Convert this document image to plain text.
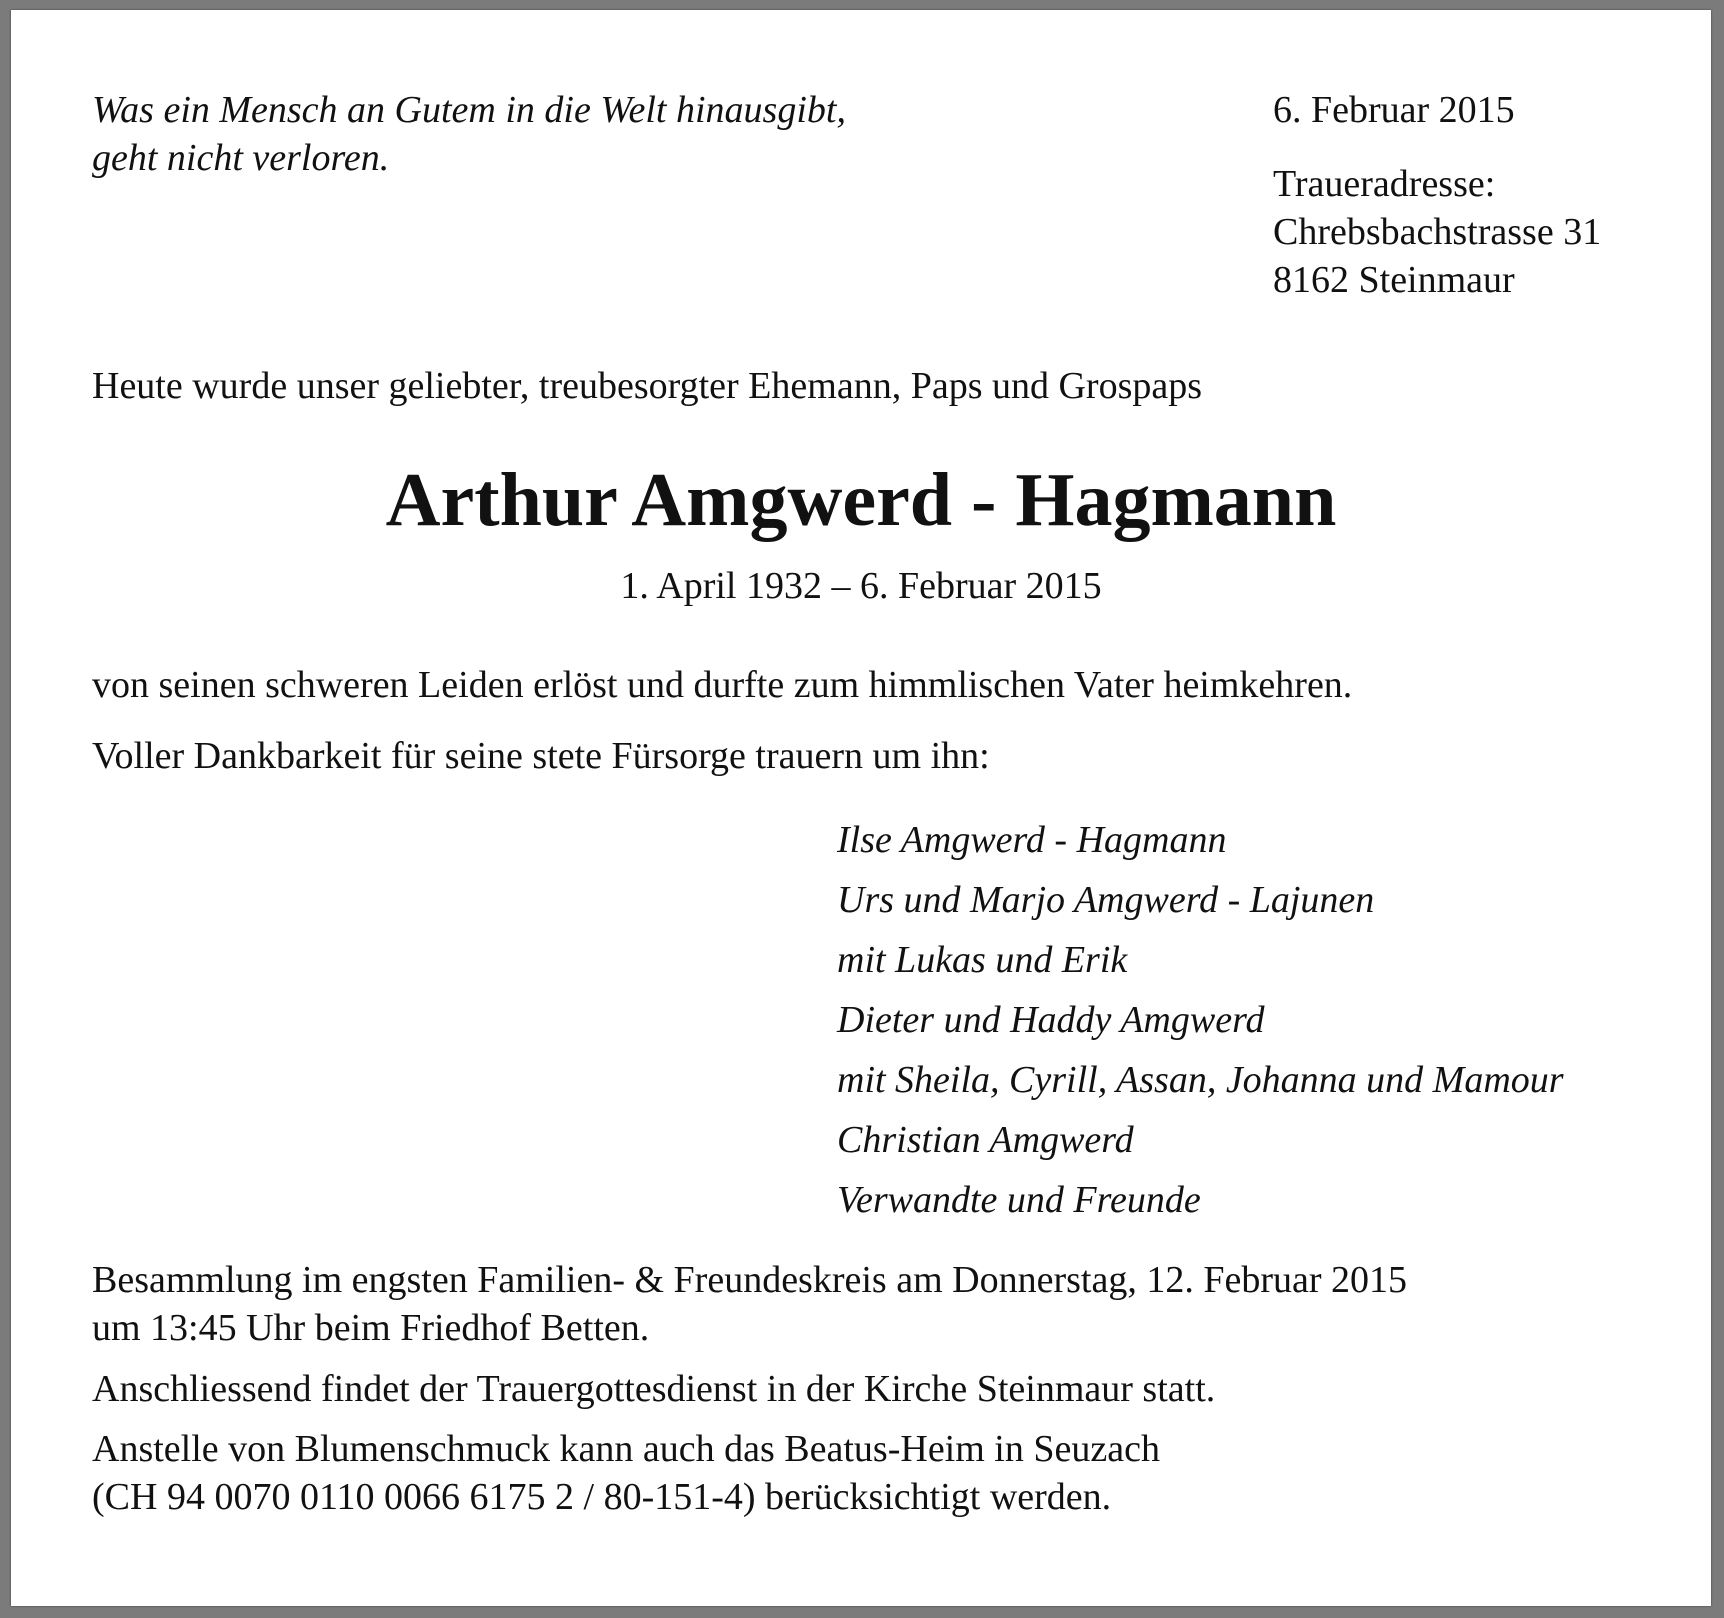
Was ein Mensch an Gutem in die Welt hinausgibt,
geht nicht verloren.
6. Februar 2015
Traueradresse:
Chrebsbachstrasse 31
8162 Steinmaur
Heute wurde unser geliebter, treubesorgter Ehemann, Paps und Grospaps
Arthur Amgwerd - Hagmann
1. April 1932 – 6. Februar 2015
von seinen schweren Leiden erlöst und durfte zum himmlischen Vater heimkehren.
Voller Dankbarkeit für seine stete Fürsorge trauern um ihn:
Ilse Amgwerd - Hagmann
Urs und Marjo Amgwerd - Lajunen
mit Lukas und Erik
Dieter und Haddy Amgwerd
mit Sheila, Cyrill, Assan, Johanna und Mamour
Christian Amgwerd
Verwandte und Freunde
Besammlung im engsten Familien- & Freundeskreis am Donnerstag, 12. Februar 2015
um 13:45 Uhr beim Friedhof Betten.
Anschliessend findet der Trauergottesdienst in der Kirche Steinmaur statt.
Anstelle von Blumenschmuck kann auch das Beatus-Heim in Seuzach
(CH 94 0070 0110 0066 6175 2 / 80-151-4) berücksichtigt werden.
